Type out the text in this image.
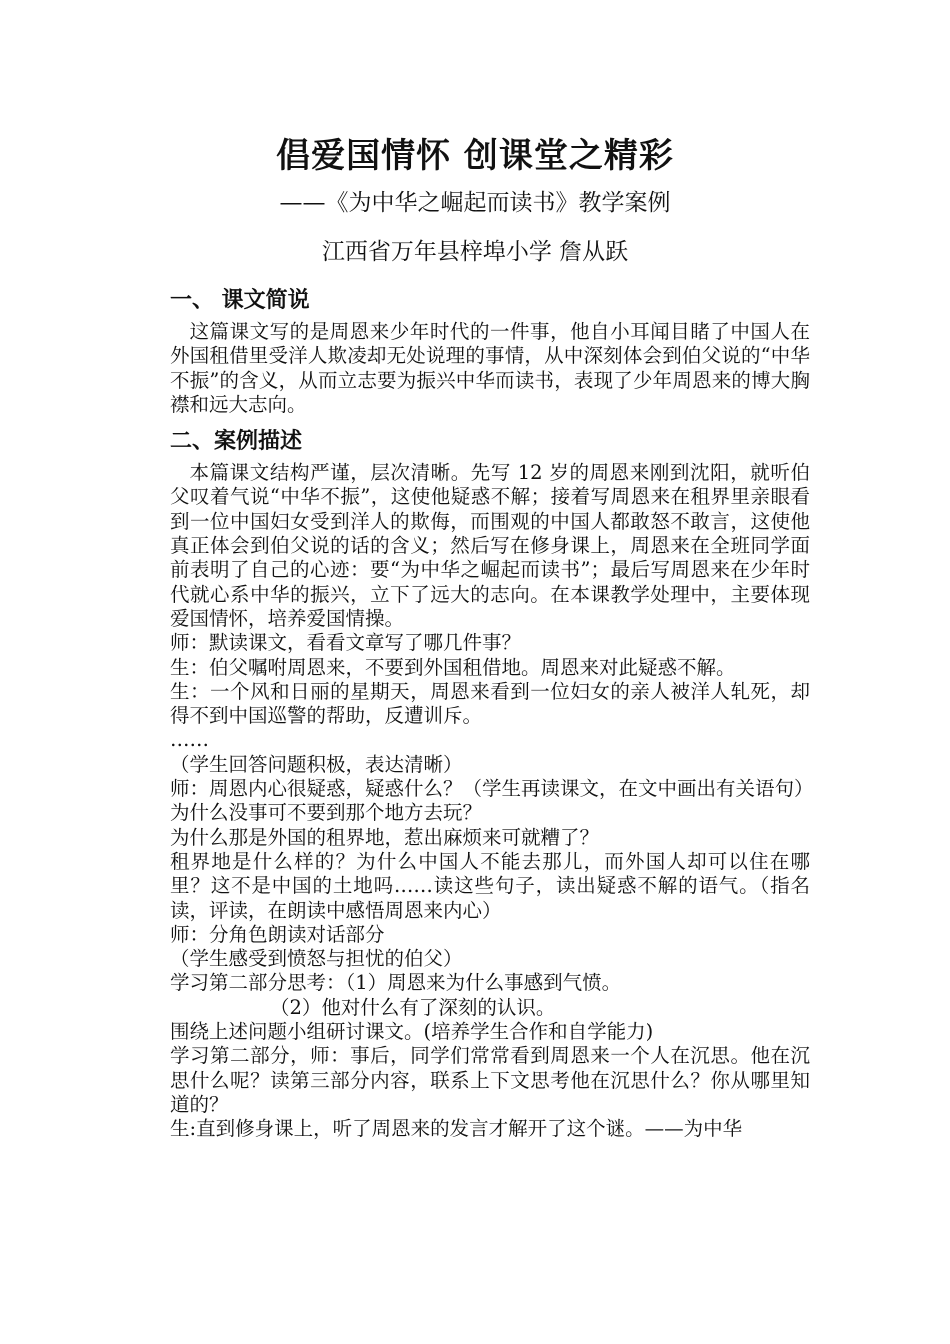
倡爱国情怀 创课堂之精彩
——《为中华之崛起而读书》教学案例
江西省万年县梓埠小学 詹从跃
一、 课文简说
这篇课文写的是周恩来少年时代的一件事，他自小耳闻目睹了中国人在外国租借里受洋人欺凌却无处说理的事情，从中深刻体会到伯父说的“中华不振”的含义，从而立志要为振兴中华而读书，表现了少年周恩来的博大胸襟和远大志向。
二、案例描述
本篇课文结构严谨，层次清晰。先写 12 岁的周恩来刚到沈阳，就听伯父叹着气说“中华不振”，这使他疑惑不解；接着写周恩来在租界里亲眼看到一位中国妇女受到洋人的欺侮，而围观的中国人都敢怒不敢言，这使他真正体会到伯父说的话的含义；然后写在修身课上，周恩来在全班同学面前表明了自己的心迹：要“为中华之崛起而读书”；最后写周恩来在少年时代就心系中华的振兴，立下了远大的志向。在本课教学处理中，主要体现爱国情怀，培养爱国情操。
师：默读课文，看看文章写了哪几件事？
生：伯父嘱咐周恩来，不要到外国租借地。周恩来对此疑惑不解。
生：一个风和日丽的星期天，周恩来看到一位妇女的亲人被洋人轧死，却得不到中国巡警的帮助，反遭训斥。
……
（学生回答问题积极，表达清晰）
师：周恩内心很疑惑，疑惑什么？（学生再读课文，在文中画出有关语句）
为什么没事可不要到那个地方去玩？
为什么那是外国的租界地，惹出麻烦来可就糟了？
租界地是什么样的？为什么中国人不能去那儿，而外国人却可以住在哪里？这不是中国的土地吗……读这些句子，读出疑惑不解的语气。（指名读，评读，在朗读中感悟周恩来内心）
师：分角色朗读对话部分
（学生感受到愤怒与担忧的伯父）
学习第二部分思考：（1）周恩来为什么事感到气愤。
（2）他对什么有了深刻的认识。
围绕上述问题小组研讨课文。(培养学生合作和自学能力)
学习第二部分，师：事后，同学们常常看到周恩来一个人在沉思。他在沉思什么呢？读第三部分内容，联系上下文思考他在沉思什么？你从哪里知道的？
生:直到修身课上，听了周恩来的发言才解开了这个谜。——为中华
